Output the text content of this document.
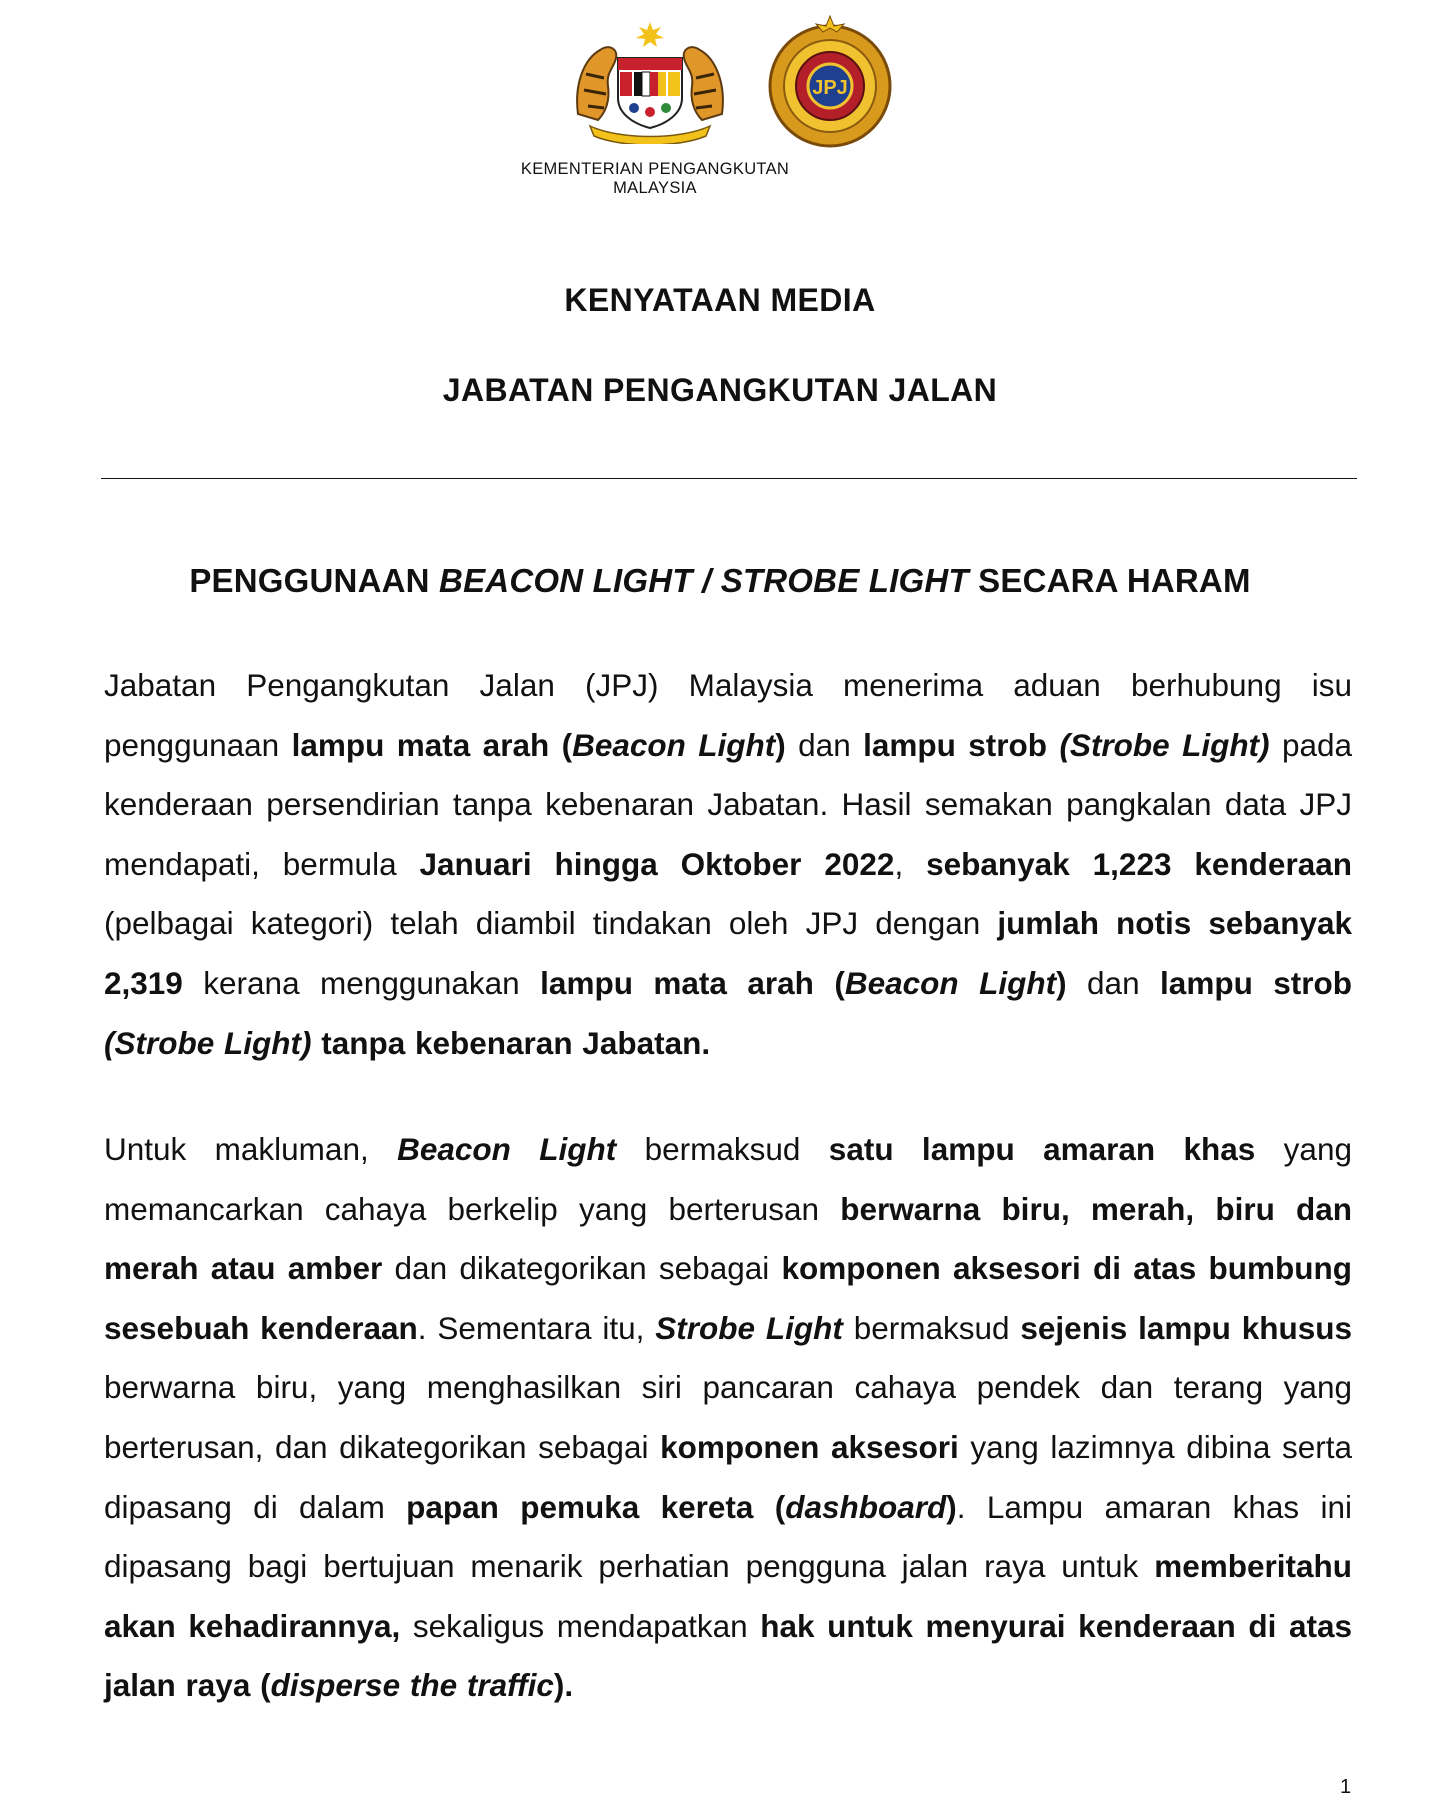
JPJ
KEMENTERIAN PENGANGKUTAN
MALAYSIA
KENYATAAN MEDIA
JABATAN PENGANGKUTAN JALAN
PENGGUNAAN BEACON LIGHT / STROBE LIGHT SECARA HARAM
Jabatan Pengangkutan Jalan (JPJ) Malaysia menerima aduan berhubung isu penggunaan lampu mata arah (Beacon Light) dan lampu strob (Strobe Light) pada kenderaan persendirian tanpa kebenaran Jabatan. Hasil semakan pangkalan data JPJ mendapati, bermula Januari hingga Oktober 2022, sebanyak 1,223 kenderaan (pelbagai kategori) telah diambil tindakan oleh JPJ dengan jumlah notis sebanyak 2,319 kerana menggunakan lampu mata arah (Beacon Light) dan lampu strob (Strobe Light) tanpa kebenaran Jabatan.
Untuk makluman, Beacon Light bermaksud satu lampu amaran khas yang memancarkan cahaya berkelip yang berterusan berwarna biru, merah, biru dan merah atau amber dan dikategorikan sebagai komponen aksesori di atas bumbung sesebuah kenderaan. Sementara itu, Strobe Light bermaksud sejenis lampu khusus berwarna biru, yang menghasilkan siri pancaran cahaya pendek dan terang yang berterusan, dan dikategorikan sebagai komponen aksesori yang lazimnya dibina serta dipasang di dalam papan pemuka kereta (dashboard). Lampu amaran khas ini dipasang bagi bertujuan menarik perhatian pengguna jalan raya untuk memberitahu akan kehadirannya, sekaligus mendapatkan hak untuk menyurai kenderaan di atas jalan raya (disperse the traffic).
1
